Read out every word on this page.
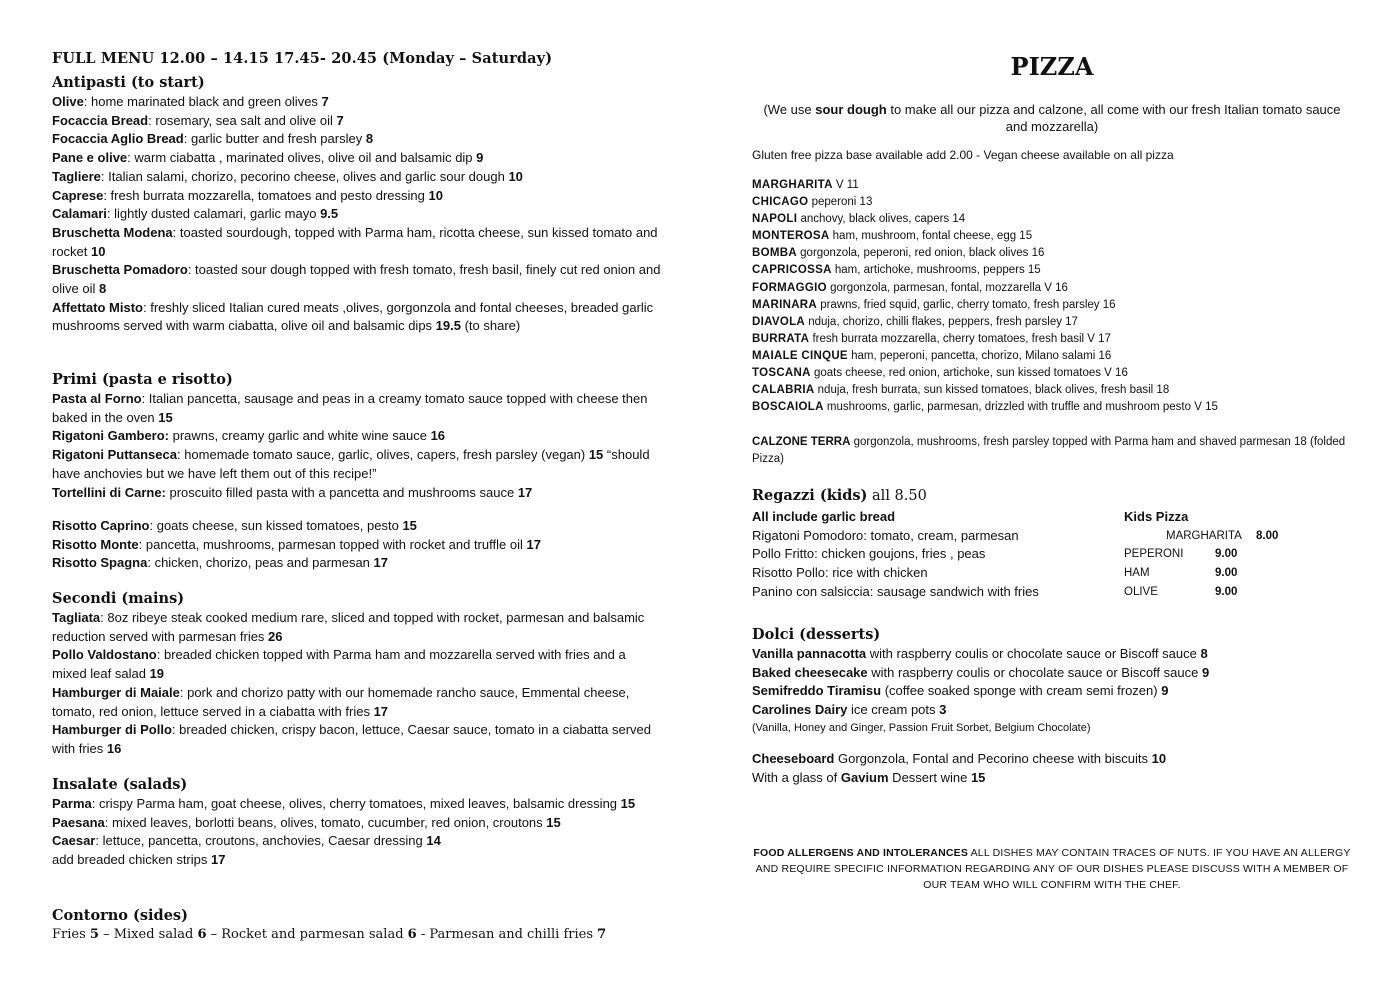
FULL MENU 12.00 – 14.15 17.45- 20.45 (Monday – Saturday)
Antipasti (to start)

Olive: home marinated black and green olives 7

Focaccia Bread: rosemary, sea salt and olive oil 7

Focaccia Aglio Bread: garlic butter and fresh parsley 8

Pane e olive: warm ciabatta , marinated olives, olive oil and balsamic dip 9

Tagliere: Italian salami, chorizo, pecorino cheese, olives and garlic sour dough 10

Caprese: fresh burrata mozzarella, tomatoes and pesto dressing 10

Calamari: lightly dusted calamari, garlic mayo 9.5

Bruschetta Modena: toasted sourdough, topped with Parma ham, ricotta cheese, sun kissed tomato and rocket 10

Bruschetta Pomadoro: toasted sour dough topped with fresh tomato, fresh basil, finely cut red onion and olive oil 8

Affettato Misto: freshly sliced Italian cured meats ,olives, gorgonzola and fontal cheeses, breaded garlic mushrooms served with warm ciabatta, olive oil and balsamic dips 19.5 (to share)

Primi (pasta e risotto)

Pasta al Forno: Italian pancetta, sausage and peas in a creamy tomato sauce topped with cheese then baked in the oven 15

Rigatoni Gambero: prawns, creamy garlic and white wine sauce 16

Rigatoni Puttanseca: homemade tomato sauce, garlic, olives, capers, fresh parsley (vegan) 15 “should have anchovies but we have left them out of this recipe!”

Tortellini di Carne: proscuito filled pasta with a pancetta and mushrooms sauce 17

Risotto Caprino: goats cheese, sun kissed tomatoes, pesto 15

Risotto Monte: pancetta, mushrooms, parmesan topped with rocket and truffle oil 17

Risotto Spagna: chicken, chorizo, peas and parmesan 17

Secondi (mains)

Tagliata: 8oz ribeye steak cooked medium rare, sliced and topped with rocket, parmesan and balsamic reduction served with parmesan fries 26

Pollo Valdostano: breaded chicken topped with Parma ham and mozzarella served with fries and a mixed leaf salad 19

Hamburger di Maiale: pork and chorizo patty with our homemade rancho sauce, Emmental cheese, tomato, red onion, lettuce served in a ciabatta with fries 17

Hamburger di Pollo: breaded chicken, crispy bacon, lettuce, Caesar sauce, tomato in a ciabatta served with fries 16

Insalate (salads)

Parma: crispy Parma ham, goat cheese, olives, cherry tomatoes, mixed leaves, balsamic dressing 15

Paesana: mixed leaves, borlotti beans, olives, tomato, cucumber, red onion, croutons 15

Caesar: lettuce, pancetta, croutons, anchovies, Caesar dressing 14

add breaded chicken strips 17

Contorno (sides)

Fries 5 – Mixed salad 6 – Rocket and parmesan salad 6 - Parmesan and chilli fries 7

PIZZA
(We use sour dough to make all our pizza and calzone, all come with our fresh Italian tomato sauce and mozzarella)
Gluten free pizza base available add 2.00 - Vegan cheese available on all pizza
MARGHARITA V 11
CHICAGO peperoni 13
NAPOLI anchovy, black olives, capers 14
MONTEROSA ham, mushroom, fontal cheese, egg 15
BOMBA gorgonzola, peperoni, red onion, black olives 16
CAPRICOSSA ham, artichoke, mushrooms, peppers 15
FORMAGGIO gorgonzola, parmesan, fontal, mozzarella V 16
MARINARA prawns, fried squid, garlic, cherry tomato, fresh parsley 16
DIAVOLA nduja, chorizo, chilli flakes, peppers, fresh parsley 17
BURRATA fresh burrata mozzarella, cherry tomatoes, fresh basil V 17
MAIALE CINQUE ham, peperoni, pancetta, chorizo, Milano salami 16
TOSCANA goats cheese, red onion, artichoke, sun kissed tomatoes V 16
CALABRIA nduja, fresh burrata, sun kissed tomatoes, black olives, fresh basil 18
BOSCAIOLA mushrooms, garlic, parmesan, drizzled with truffle and mushroom pesto V 15
CALZONE TERRA gorgonzola, mushrooms, fresh parsley topped with Parma ham and shaved parmesan 18 (folded Pizza)
Regazzi (kids) all 8.50
All include garlic bread
Rigatoni Pomodoro: tomato, cream, parmesan
Pollo Fritto: chicken goujons, fries , peas
Risotto Pollo: rice with chicken
Panino con salsiccia: sausage sandwich with fries
Kids Pizza
MARGHARITA 8.00
PEPERONI	9.00
HAM	9.00
OLIVE	9.00
Dolci (desserts)

Vanilla pannacotta with raspberry coulis or chocolate sauce or Biscoff sauce 8

Baked cheesecake with raspberry coulis or chocolate sauce or Biscoff sauce 9

Semifreddo Tiramisu (coffee soaked sponge with cream semi frozen) 9

Carolines Dairy ice cream pots 3

(Vanilla, Honey and Ginger, Passion Fruit Sorbet, Belgium Chocolate)

Cheeseboard Gorgonzola, Fontal and Pecorino cheese with biscuits 10

With a glass of Gavium Dessert wine 15

FOOD ALLERGENS AND INTOLERANCES ALL DISHES MAY CONTAIN TRACES OF NUTS. IF YOU HAVE AN ALLERGY AND REQUIRE SPECIFIC INFORMATION REGARDING ANY OF OUR DISHES PLEASE DISCUSS WITH A MEMBER OF OUR TEAM WHO WILL CONFIRM WITH THE CHEF.
